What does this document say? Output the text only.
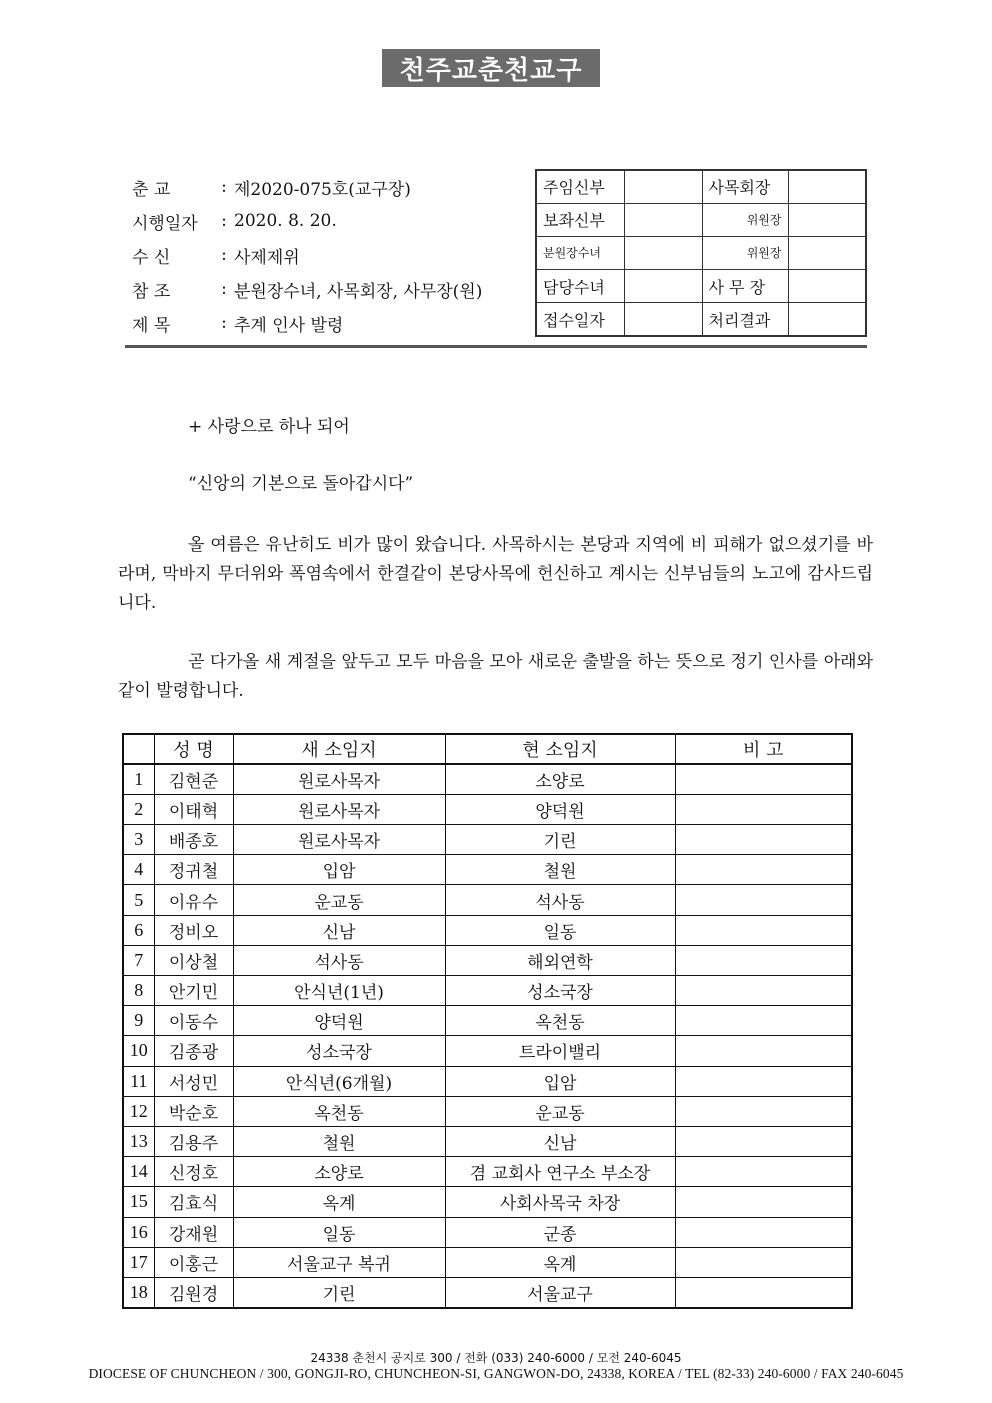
천주교춘천교구
춘 교	: 제2020-075호(교구장)
시행일자	: 2020. 8. 20.
수 신	: 사제제위
참 조	: 분원장수녀, 사목회장, 사무장(원)
제 목	: 추계 인사 발령
주임신부		사목회장	
보좌신부		위원장	
분원장수녀		위원장	
담당수녀		사 무 장	
접수일자		처리결과	
+ 사랑으로 하나 되어
“신앙의 기본으로 돌아갑시다”
올 여름은 유난히도 비가 많이 왔습니다. 사목하시는 본당과 지역에 비 피해가 없으셨기를 바라며, 막바지 무더위와 폭염속에서 한결같이 본당사목에 헌신하고 계시는 신부님들의 노고에 감사드립니다.
곧 다가올 새 계절을 앞두고 모두 마음을 모아 새로운 출발을 하는 뜻으로 정기 인사를 아래와 같이 발령합니다.
	성 명	새 소임지	현 소임지	비 고
1	김현준	원로사목자	소양로	
2	이태혁	원로사목자	양덕원	
3	배종호	원로사목자	기린	
4	정귀철	입암	철원	
5	이유수	운교동	석사동	
6	정비오	신남	일동	
7	이상철	석사동	해외연학	
8	안기민	안식년(1년)	성소국장	
9	이동수	양덕원	옥천동	
10	김종광	성소국장	트라이밸리	
11	서성민	안식년(6개월)	입암	
12	박순호	옥천동	운교동	
13	김용주	철원	신남	
14	신정호	소양로	겸 교회사 연구소 부소장	
15	김효식	옥계	사회사목국 차장	
16	강재원	일동	군종	
17	이홍근	서울교구 복귀	옥계	
18	김원경	기린	서울교구	
24338 춘천시 공지로 300 / 전화 (033) 240-6000 / 모전 240-6045
DIOCESE OF CHUNCHEON / 300, GONGJI-RO, CHUNCHEON-SI, GANGWON-DO, 24338, KOREA / TEL (82-33) 240-6000 / FAX 240-6045
